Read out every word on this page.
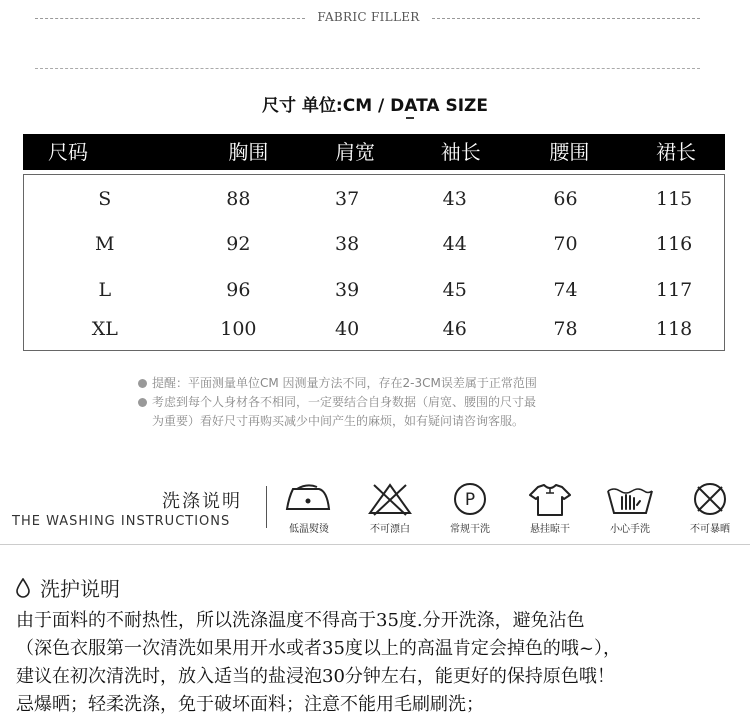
FABRIC FILLER
尺寸 单位:CM / DATA SIZE
尺码	胸围	肩宽	袖长	腰围	裙长
S	88	37	43	66	115
M	92	38	44	70	116
L	96	39	45	74	117
XL	100	40	46	78	118
提醒：平面测量单位CM 因测量方法不同，存在2-3CM误差属于正常范围
考虑到每个人身材各不相同，一定要结合自身数据（肩宽、腰围的尺寸最
为重要）看好尺寸再购买减少中间产生的麻烦，如有疑问请咨询客服。
洗涤说明
THE WASHING INSTRUCTIONS
低温熨烫	不可漂白
P
常规干洗	悬挂晾干	小心手洗	不可暴晒
洗护说明
由于面料的不耐热性，所以洗涤温度不得高于35度.分开洗涤，避免沾色
（深色衣服第一次清洗如果用开水或者35度以上的高温肯定会掉色的哦~），
建议在初次清洗时，放入适当的盐浸泡30分钟左右，能更好的保持原色哦！
忌爆晒；轻柔洗涤，免于破坏面料；注意不能用毛刷刷洗；
